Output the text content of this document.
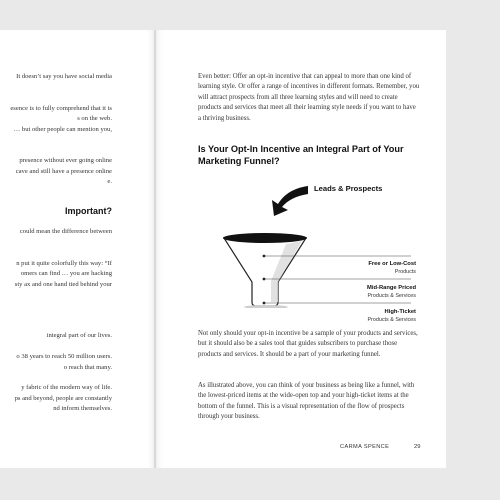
It doesn’t say you have social media
esence is to fully comprehend that it is
s on the web.
… but other people can mention you,
presence without ever going online
cave and still have a presence online
e.
Important?
could mean the difference between
n put it quite colorfully this way: “If
omers can find … you are hacking
sty ax and one hand tied behind your
integral part of our lives.
o 38 years to reach 50 million users.
o reach that many.
y fabric of the modern way of life.
ps and beyond, people are constantly
nd inform themselves.

Even better: Offer an opt-in incentive that can appeal to more than one kind of learning style. Or offer a range of incentives in different formats. Remember, you will attract prospects from all three learning styles and will need to create products and services that meet all their learning style needs if you want to have a thriving business.

Is Your Opt-In Incentive an Integral Part of Your Marketing Funnel?
Leads & Prospects
Free or Low-Cost
Products
Mid-Range Priced
Products & Services
High-Ticket
Products & Services

Not only should your opt-in incentive be a sample of your products and services, but it should also be a sales tool that guides subscribers to purchase those products and services. It should be a part of your marketing funnel.

As illustrated above, you can think of your business as being like a funnel, with the lowest-priced items at the wide-open top and your high-ticket items at the bottom of the funnel. This is a visual representation of the flow of prospects through your business.

CARMA SPENCE	29
